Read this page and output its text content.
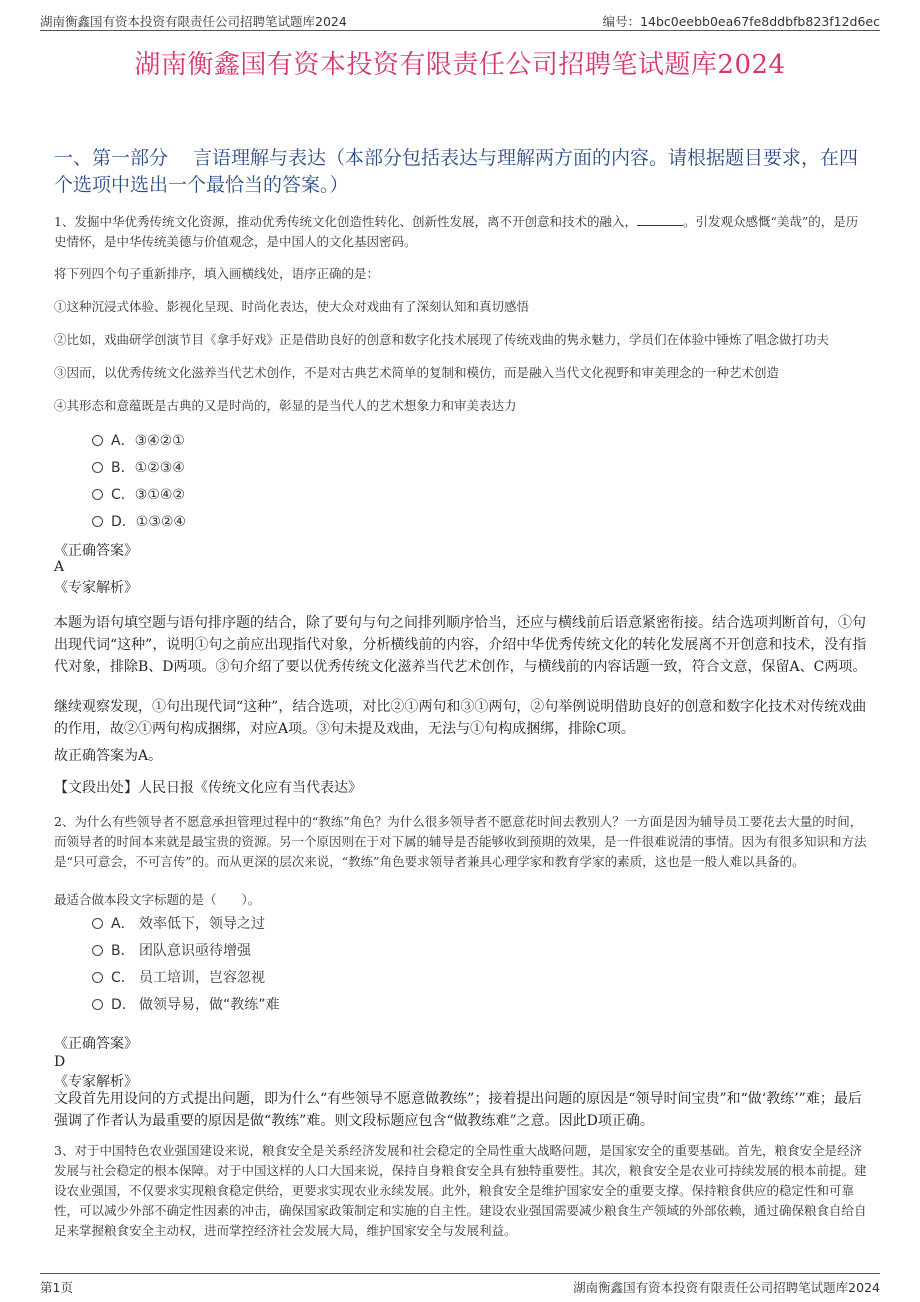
湖南衡鑫国有资本投资有限责任公司招聘笔试题库2024	编号：14bc0eebb0ea67fe8ddbfb823f12d6ec
湖南衡鑫国有资本投资有限责任公司招聘笔试题库2024
一、第一部分　 言语理解与表达（本部分包括表达与理解两方面的内容。请根据题目要求，在四个选项中选出一个最恰当的答案。）
1、发掘中华优秀传统文化资源，推动优秀传统文化创造性转化、创新性发展，离不开创意和技术的融入，	。引发观众感慨“美哉”的，是历史情怀，是中华传统美德与价值观念，是中国人的文化基因密码。
将下列四个句子重新排序，填入画横线处，语序正确的是：
①这种沉浸式体验、影视化呈现、时尚化表达，使大众对戏曲有了深刻认知和真切感悟
②比如，戏曲研学创演节目《拿手好戏》正是借助良好的创意和数字化技术展现了传统戏曲的隽永魅力，学员们在体验中锤炼了唱念做打功夫
③因而，以优秀传统文化滋养当代艺术创作，不是对古典艺术简单的复制和模仿，而是融入当代文化视野和审美理念的一种艺术创造
④其形态和意蕴既是古典的又是时尚的，彰显的是当代人的艺术想象力和审美表达力
A．③④②①
B．①②③④
C．③①④②
D．①③②④
《正确答案》
A
《专家解析》
本题为语句填空题与语句排序题的结合，除了要句与句之间排列顺序恰当，还应与横线前后语意紧密衔接。结合选项判断首句，①句出现代词“这种”，说明①句之前应出现指代对象，分析横线前的内容，介绍中华优秀传统文化的转化发展离不开创意和技术，没有指代对象，排除B、D两项。③句介绍了要以优秀传统文化滋养当代艺术创作，与横线前的内容话题一致，符合文意，保留A、C两项。
继续观察发现，①句出现代词“这种”，结合选项，对比②①两句和③①两句，②句举例说明借助良好的创意和数字化技术对传统戏曲的作用，故②①两句构成捆绑，对应A项。③句未提及戏曲，无法与①句构成捆绑，排除C项。
故正确答案为A。
【文段出处】人民日报《传统文化应有当代表达》
2、为什么有些领导者不愿意承担管理过程中的“教练”角色？为什么很多领导者不愿意花时间去教别人？一方面是因为辅导员工要花去大量的时间，而领导者的时间本来就是最宝贵的资源。另一个原因则在于对下属的辅导是否能够收到预期的效果，是一件很难说清的事情。因为有很多知识和方法是“只可意会，不可言传”的。而从更深的层次来说，“教练”角色要求领导者兼具心理学家和教育学家的素质，这也是一般人难以具备的。
最适合做本段文字标题的是（　　）。
A． 效率低下，领导之过
B． 团队意识亟待增强
C． 员工培训，岂容忽视
D． 做领导易，做“教练”难
《正确答案》
D
《专家解析》
文段首先用设问的方式提出问题，即为什么“有些领导不愿意做教练”；接着提出问题的原因是“领导时间宝贵”和“做‘教练’”难；最后强调了作者认为最重要的原因是做“教练”难。则文段标题应包含“做教练难”之意。因此D项正确。
3、对于中国特色农业强国建设来说，粮食安全是关系经济发展和社会稳定的全局性重大战略问题，是国家安全的重要基础。首先，粮食安全是经济发展与社会稳定的根本保障。对于中国这样的人口大国来说，保持自身粮食安全具有独特重要性。其次，粮食安全是农业可持续发展的根本前提。建设农业强国，不仅要求实现粮食稳定供给，更要求实现农业永续发展。此外，粮食安全是维护国家安全的重要支撑。保持粮食供应的稳定性和可靠性，可以减少外部不确定性因素的冲击，确保国家政策制定和实施的自主性。建设农业强国需要减少粮食生产领域的外部依赖，通过确保粮食自给自足来掌握粮食安全主动权，进而掌控经济社会发展大局，维护国家安全与发展利益。
第1页	湖南衡鑫国有资本投资有限责任公司招聘笔试题库2024
